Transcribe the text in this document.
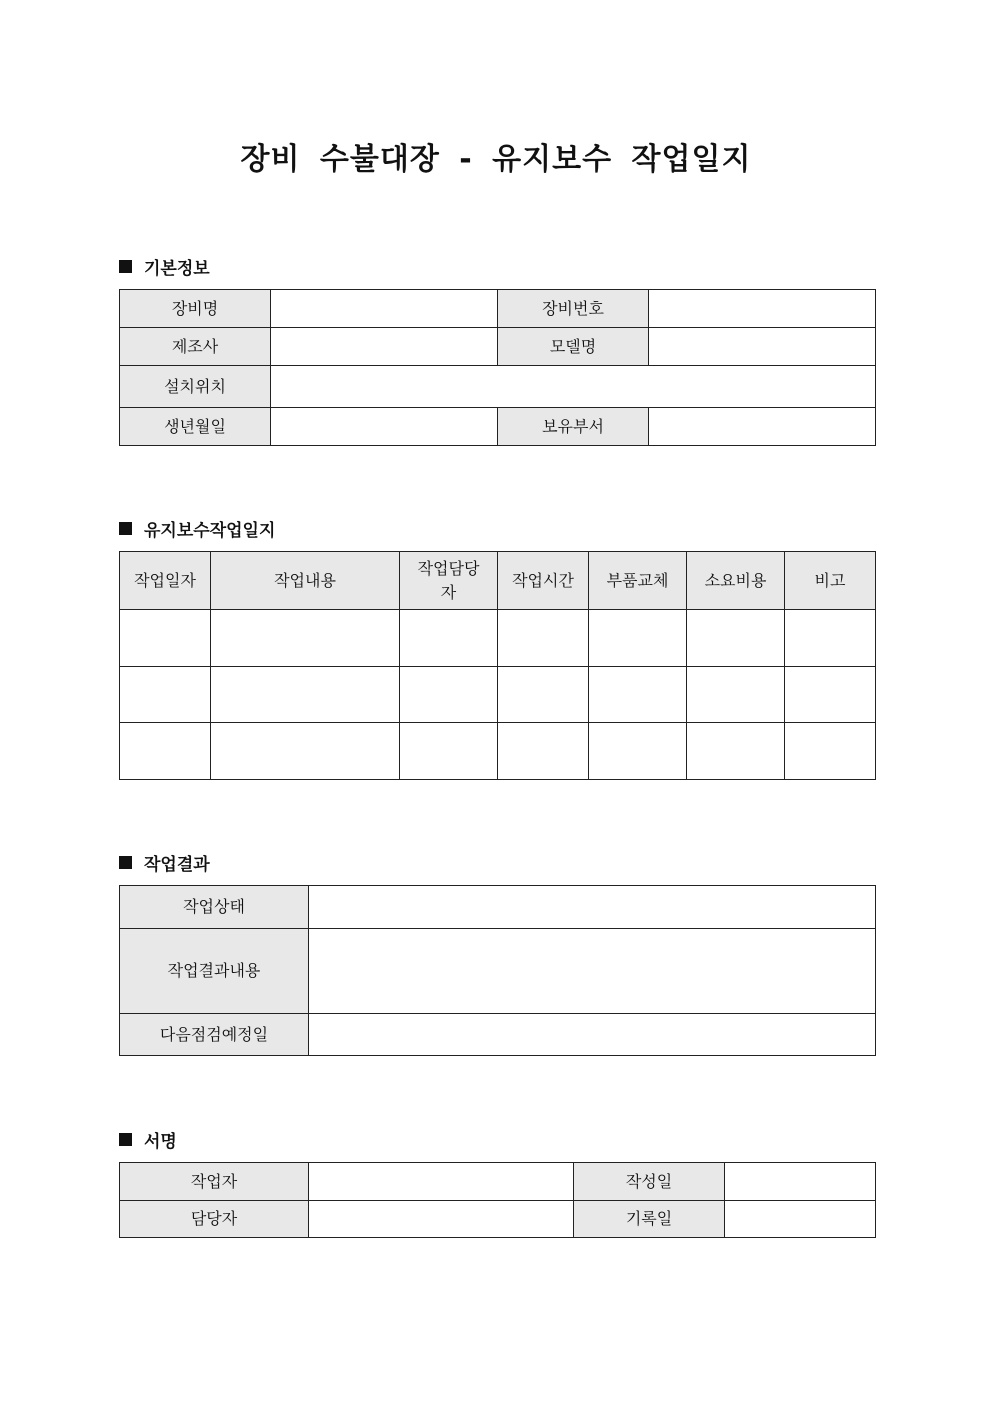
장비 수불대장 - 유지보수 작업일지
기본정보
장비명		장비번호	
제조사		모델명	
설치위치			
생년월일		보유부서	
유지보수작업일지
작업일자	작업내용	작업담당자	작업시간	부품교체	소요비용	비고

작업결과
작업상태	
작업결과내용	
다음점검예정일	
서명
작업자		작성일	
담당자		기록일	
